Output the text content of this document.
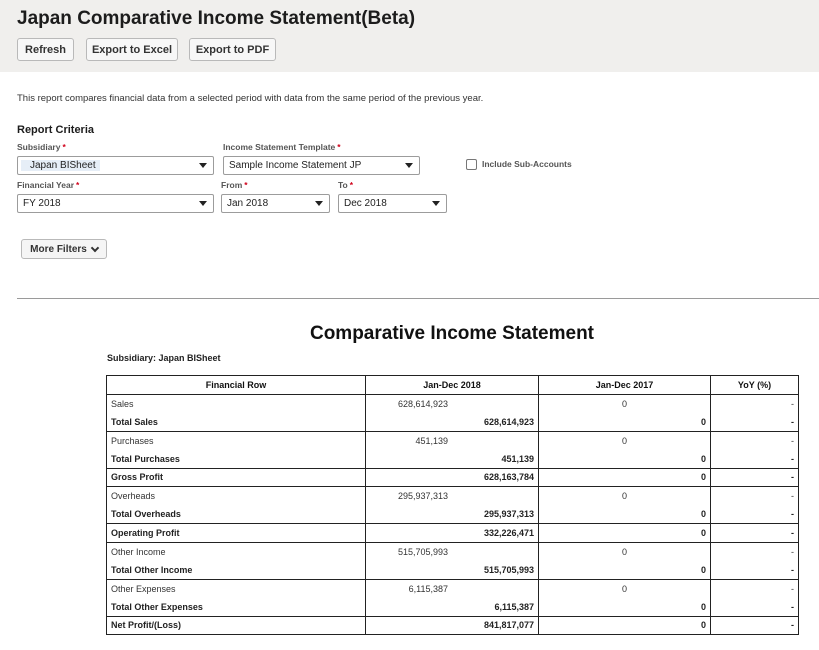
Japan Comparative Income Statement(Beta)
Refresh	Export to Excel	Export to PDF
This report compares financial data from a selected period with data from the same period of the previous year.
Report Criteria
Subsidiary *
Japan BISheet
Income Statement Template *
Sample Income Statement JP	Include Sub-Accounts
Financial Year *
FY 2018
From *
Jan 2018
To *
Dec 2018
More Filters
Comparative Income Statement
Subsidiary: Japan BISheet
Financial Row	Jan-Dec 2018	Jan-Dec 2017	YoY (%)
Sales	628,614,923	0	-
Total Sales	628,614,923	0	-
Purchases	451,139	0	-
Total Purchases	451,139	0	-
Gross Profit	628,163,784	0	-
Overheads	295,937,313	0	-
Total Overheads	295,937,313	0	-
Operating Profit	332,226,471	0	-
Other Income	515,705,993	0	-
Total Other Income	515,705,993	0	-
Other Expenses	6,115,387	0	-
Total Other Expenses	6,115,387	0	-
Net Profit/(Loss)	841,817,077	0	-
